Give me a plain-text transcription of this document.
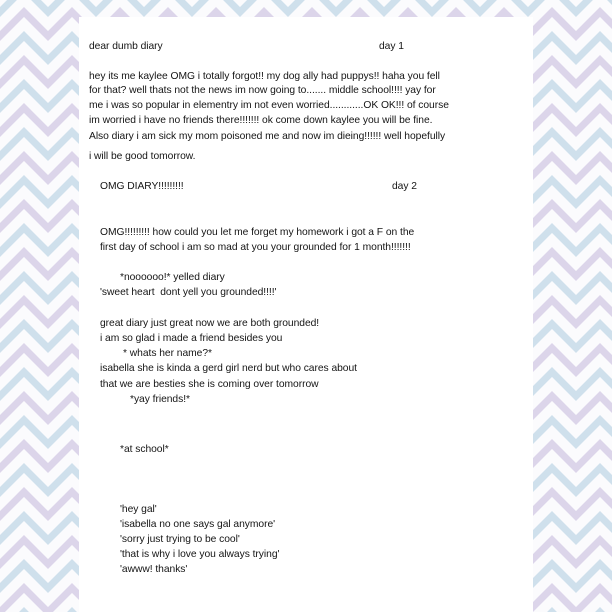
dear dumb diary	day 1
hey its me kaylee OMG i totally forgot!! my dog ally had puppys!! haha you fell
for that? well thats not the news im now going to....... middle school!!!! yay for
me i was so popular in elementry im not even worried............OK OK!!! of course
im worried i have no friends there!!!!!!! ok come down kaylee you will be fine.
Also diary i am sick my mom poisoned me and now im dieing!!!!!! well hopefully
i will be good tomorrow.
OMG DIARY!!!!!!!!!	day 2
OMG!!!!!!!!! how could you let me forget my homework i got a F on the
first day of school i am so mad at you your grounded for 1 month!!!!!!!
*noooooo!* yelled diary
'sweet heart  dont yell you grounded!!!!'
great diary just great now we are both grounded!
i am so glad i made a friend besides you
* whats her name?*
isabella she is kinda a gerd girl nerd but who cares about
that we are besties she is coming over tomorrow
*yay friends!*
*at school*
'hey gal'
'isabella no one says gal anymore'
'sorry just trying to be cool'
'that is why i love you always trying'
'awww! thanks'
